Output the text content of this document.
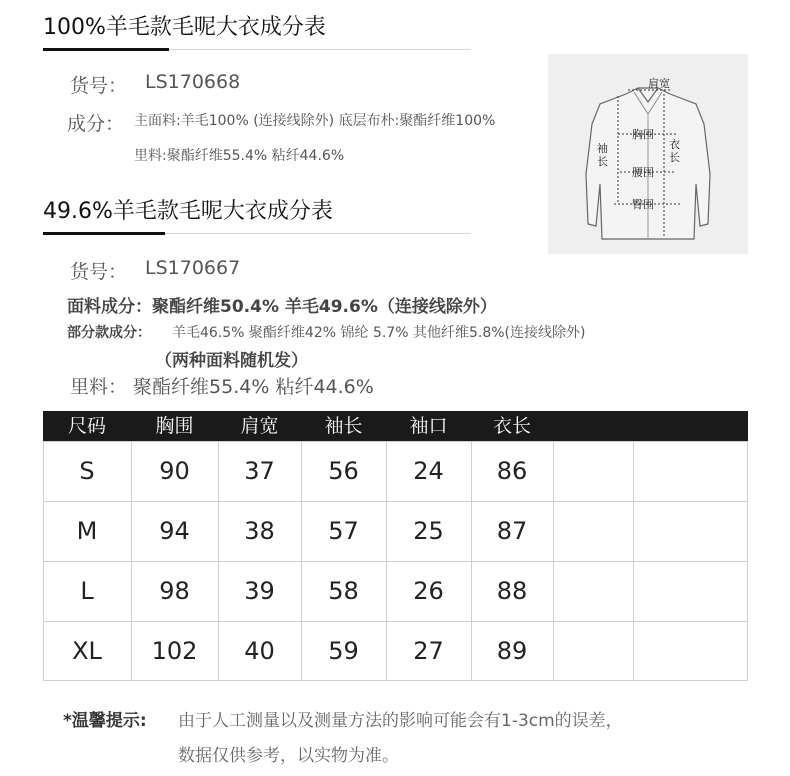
100%羊毛款毛呢大衣成分表
货号： LS170668
成分： 主面料:羊毛100% (连接线除外) 底层布朴:聚酯纤维100%
里料:聚酯纤维55.4% 粘纤44.6%
肩宽
胸围
腰围
臀围
袖长
衣长
49.6%羊毛款毛呢大衣成分表
货号： LS170667
面料成分：聚酯纤维50.4% 羊毛49.6%（连接线除外）
部分款成分： 羊毛46.5% 聚酯纤维42% 锦纶 5.7% 其他纤维5.8%(连接线除外)
（两种面料随机发）
里料： 聚酯纤维55.4% 粘纤44.6%
尺码	胸围	肩宽	袖长	袖口	衣长
S	90	37	56	24	86
M	94	38	57	25	87
L	98	39	58	26	88
XL	102	40	59	27	89
*温馨提示: 由于人工测量以及测量方法的影响可能会有1-3cm的误差，
数据仅供参考，以实物为准。
